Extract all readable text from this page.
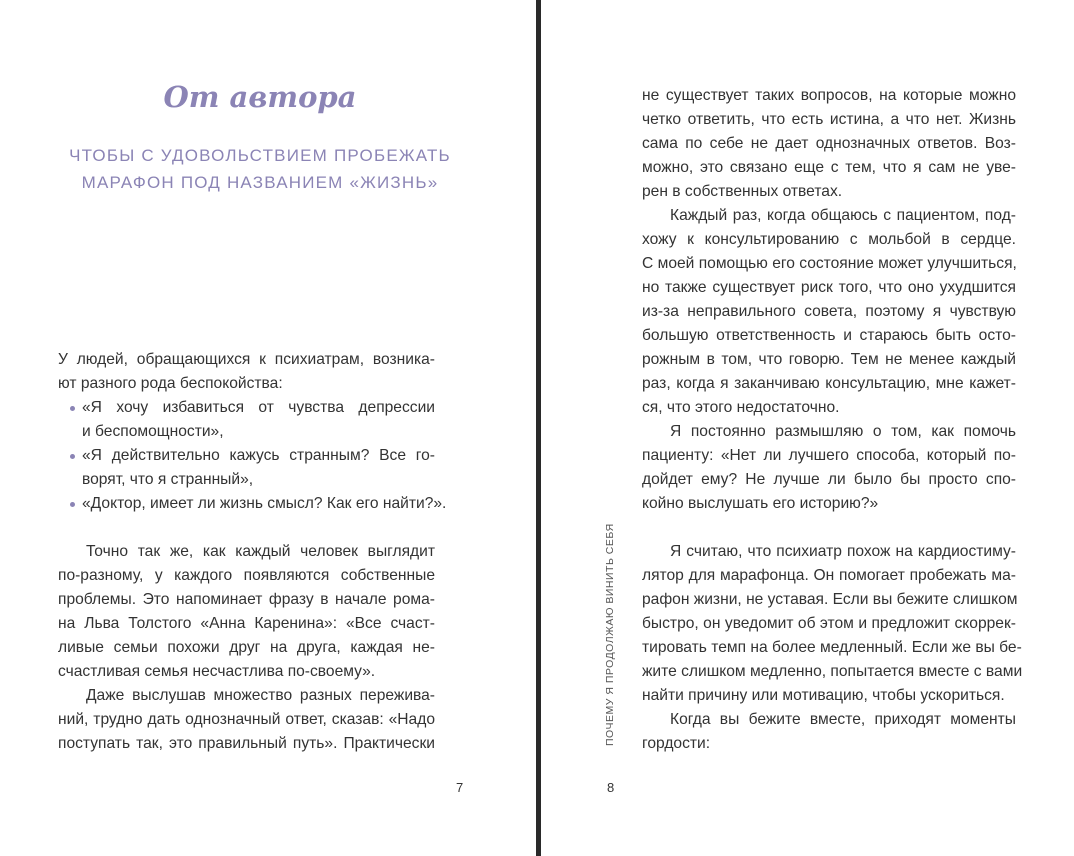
От автора
ЧТОБЫ С УДОВОЛЬСТВИЕМ ПРОБЕЖАТЬ
МАРАФОН ПОД НАЗВАНИЕМ «ЖИЗНЬ»
У людей, обращающихся к психиатрам, возника-
ют разного рода беспокойства:
«Я хочу избавиться от чувства депрессии
и беспомощности»,
«Я действительно кажусь странным? Все го-
ворят, что я странный»,
«Доктор, имеет ли жизнь смысл? Как его найти?».
Точно так же, как каждый человек выглядит
по-разному, у каждого появляются собственные
проблемы. Это напоминает фразу в начале рома-
на Льва Толстого «Анна Каренина»: «Все счаст-
ливые семьи похожи друг на друга, каждая не-
счастливая семья несчастлива по-своему».
Даже выслушав множество разных пережива-
ний, трудно дать однозначный ответ, сказав: «Надо
поступать так, это правильный путь». Практически
7
не существует таких вопросов, на которые можно
четко ответить, что есть истина, а что нет. Жизнь
сама по себе не дает однозначных ответов. Воз-
можно, это связано еще с тем, что я сам не уве-
рен в собственных ответах.
Каждый раз, когда общаюсь с пациентом, под-
хожу к консультированию с мольбой в сердце.
С моей помощью его состояние может улучшиться,
но также существует риск того, что оно ухудшится
из-за неправильного совета, поэтому я чувствую
большую ответственность и стараюсь быть осто-
рожным в том, что говорю. Тем не менее каждый
раз, когда я заканчиваю консультацию, мне кажет-
ся, что этого недостаточно.
Я постоянно размышляю о том, как помочь
пациенту: «Нет ли лучшего способа, который по-
дойдет ему? Не лучше ли было бы просто спо-
койно выслушать его историю?»
Я считаю, что психиатр похож на кардиостиму-
лятор для марафонца. Он помогает пробежать ма-
рафон жизни, не уставая. Если вы бежите слишком
быстро, он уведомит об этом и предложит скоррек-
тировать темп на более медленный. Если же вы бе-
жите слишком медленно, попытается вместе с вами
найти причину или мотивацию, чтобы ускориться.
Когда вы бежите вместе, приходят моменты
гордости:
ПОЧЕМУ Я ПРОДОЛЖАЮ ВИНИТЬ СЕБЯ
8
